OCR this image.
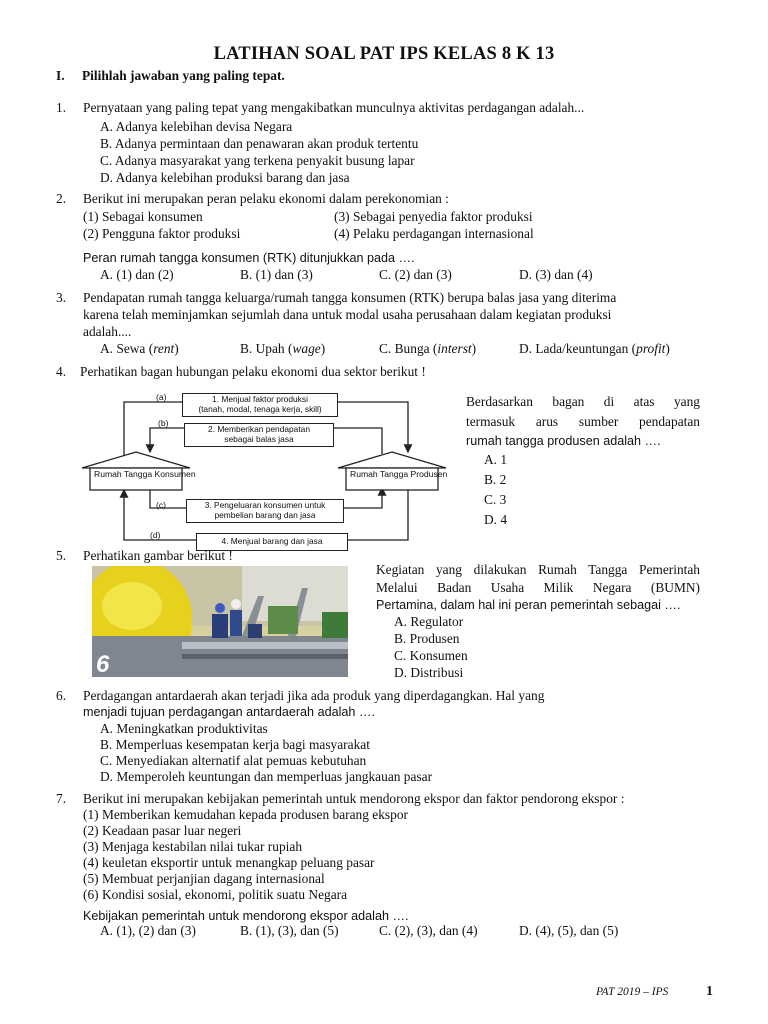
LATIHAN SOAL PAT IPS KELAS 8 K 13
I. Pilihlah jawaban yang paling tepat.
1. Pernyataan yang paling tepat yang mengakibatkan munculnya aktivitas perdagangan adalah...
A. Adanya kelebihan devisa Negara
B. Adanya permintaan dan penawaran akan produk tertentu
C. Adanya masyarakat yang terkena penyakit busung lapar
D. Adanya kelebihan produksi barang dan jasa
2. Berikut ini merupakan peran pelaku ekonomi dalam perekonomian :
(1) Sebagai konsumen	(3) Sebagai penyedia faktor produksi
(2) Pengguna faktor produksi	(4) Pelaku perdagangan internasional
Peran rumah tangga konsumen (RTK) ditunjukkan pada ….
A. (1) dan (2)	B. (1) dan (3)	C. (2) dan (3)	D. (3) dan (4)
3. Pendapatan rumah tangga keluarga/rumah tangga konsumen (RTK) berupa balas jasa yang diterima
karena telah meminjamkan sejumlah dana untuk modal usaha perusahaan dalam kegiatan produksi
adalah....
A. Sewa (rent)	B. Upah (wage)	C. Bunga (interst)	D. Lada/keuntungan (profit)
4. Perhatikan bagan hubungan pelaku ekonomi dua sektor berikut !
Rumah Tangga Konsumen	Rumah Tangga Produsen
(a)
(b)
(c)
(d)
1. Menjual faktor produksi
(tanah, modal, tenaga kerja, skill)
2. Memberikan pendapatan
sebagai balas jasa
3. Pengeluaran konsumen untuk
pembelian barang dan jasa
4. Menjual barang dan jasa
Berdasarkan bagan di atas yang
termasuk arus sumber pendapatan
rumah tangga produsen adalah ….
A. 1
B. 2
C. 3
D. 4
5. Perhatikan gambar berikut !
6
Kegiatan yang dilakukan Rumah Tangga Pemerintah
Melalui Badan Usaha Milik Negara (BUMN)
Pertamina, dalam hal ini peran pemerintah sebagai ….
A. Regulator
B. Produsen
C. Konsumen
D. Distribusi
6. Perdagangan antardaerah akan terjadi jika ada produk yang diperdagangkan. Hal yang
menjadi tujuan perdagangan antardaerah adalah ….
A. Meningkatkan produktivitas
B. Memperluas kesempatan kerja bagi masyarakat
C. Menyediakan alternatif alat pemuas kebutuhan
D. Memperoleh keuntungan dan memperluas jangkauan pasar
7. Berikut ini merupakan kebijakan pemerintah untuk mendorong ekspor dan faktor pendorong ekspor :
(1) Memberikan kemudahan kepada produsen barang ekspor
(2) Keadaan pasar luar negeri
(3) Menjaga kestabilan nilai tukar rupiah
(4) keuletan eksportir untuk menangkap peluang pasar
(5) Membuat perjanjian dagang internasional
(6) Kondisi sosial, ekonomi, politik suatu Negara
Kebijakan pemerintah untuk mendorong ekspor adalah ….
A. (1), (2) dan (3)	B. (1), (3), dan (5)	C. (2), (3), dan (4)	D. (4), (5), dan (5)
PAT 2019 – IPS	1
